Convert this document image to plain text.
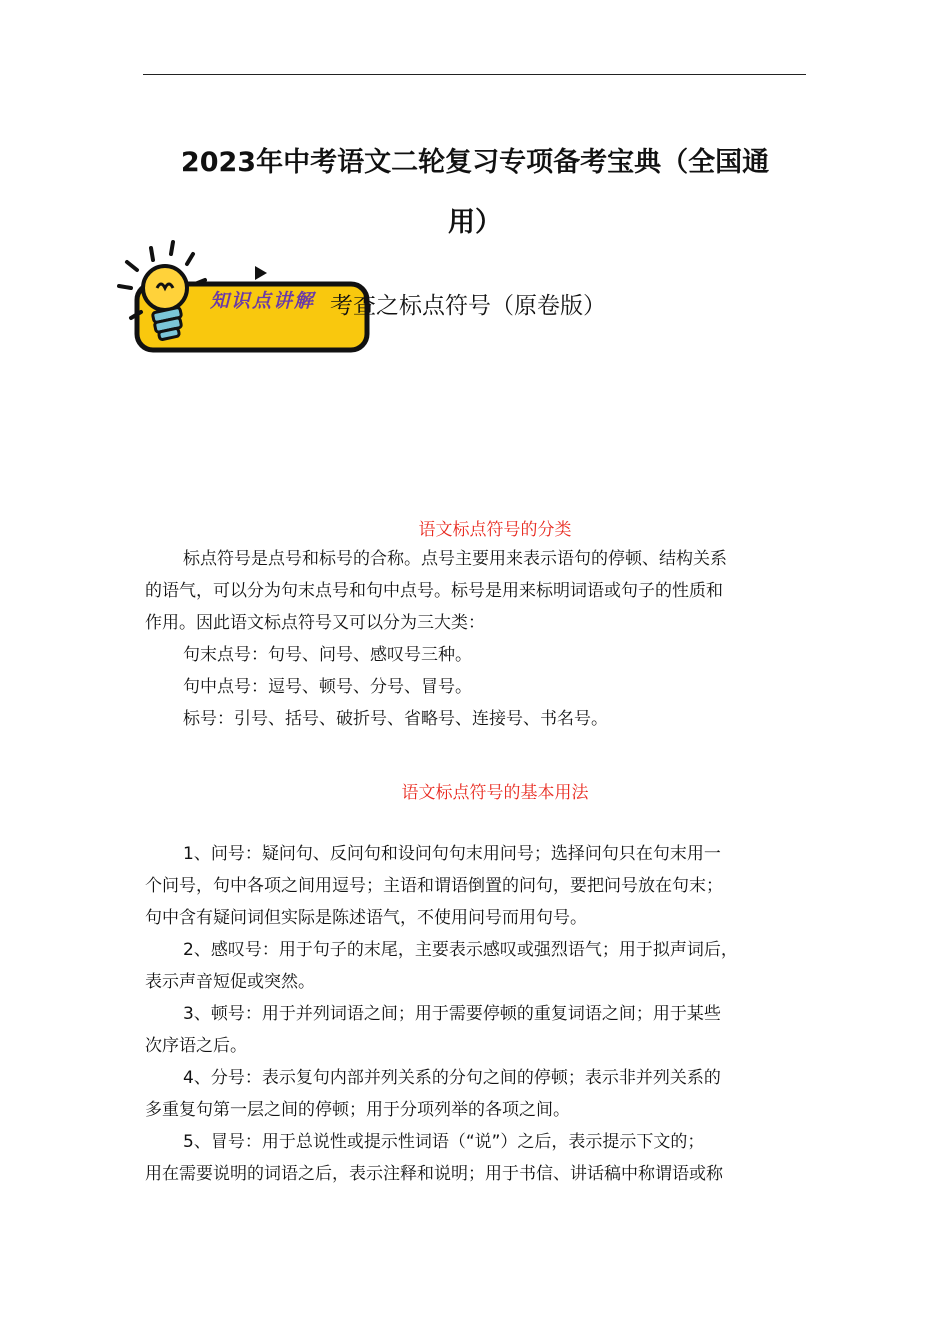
2023年中考语文二轮复习专项备考宝典（全国通
用）
知识点讲解 考查之标点符号（原卷版）
语文标点符号的分类
标点符号是点号和标号的合称。点号主要用来表示语句的停顿、结构关系
的语气，可以分为句末点号和句中点号。标号是用来标明词语或句子的性质和
作用。因此语文标点符号又可以分为三大类：
句末点号：句号、问号、感叹号三种。
句中点号：逗号、顿号、分号、冒号。
标号：引号、括号、破折号、省略号、连接号、书名号。
语文标点符号的基本用法
1、问号：疑问句、反问句和设问句句末用问号；选择问句只在句末用一
个问号，句中各项之间用逗号；主语和谓语倒置的问句，要把问号放在句末；
句中含有疑问词但实际是陈述语气，不使用问号而用句号。
2、感叹号：用于句子的末尾，主要表示感叹或强烈语气；用于拟声词后，
表示声音短促或突然。
3、顿号：用于并列词语之间；用于需要停顿的重复词语之间；用于某些
次序语之后。
4、分号：表示复句内部并列关系的分句之间的停顿；表示非并列关系的
多重复句第一层之间的停顿；用于分项列举的各项之间。
5、冒号：用于总说性或提示性词语（“说”）之后，表示提示下文的；
用在需要说明的词语之后，表示注释和说明；用于书信、讲话稿中称谓语或称
